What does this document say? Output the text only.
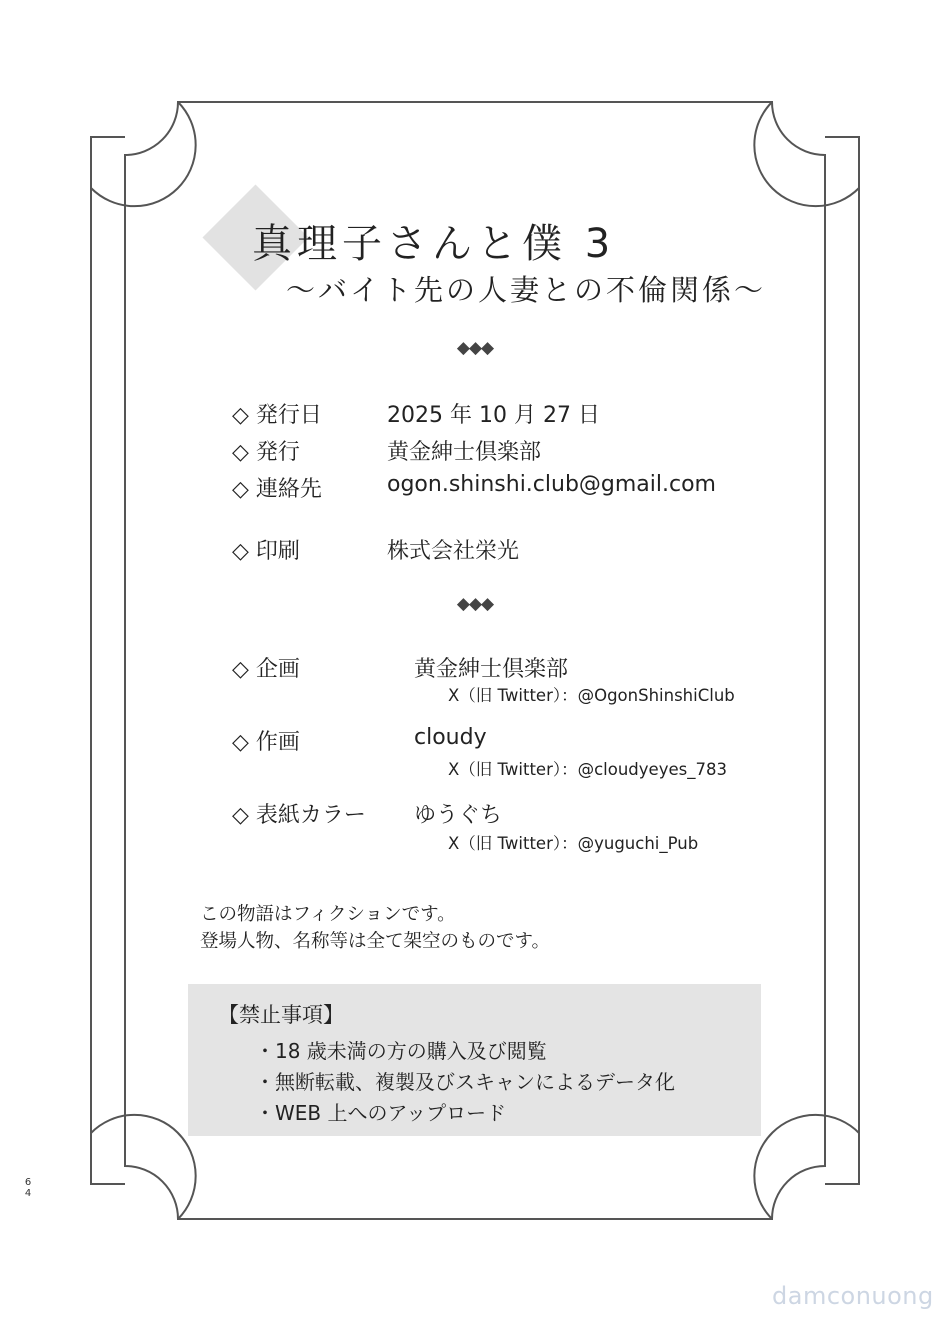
真理子さんと僕 3
～バイト先の人妻との不倫関係～
◆◆◆
◇ 発行日	2025 年 10 月 27 日
◇ 発行	黄金紳士倶楽部
◇ 連絡先	ogon.shinshi.club@gmail.com
◇ 印刷	株式会社栄光
◆◆◆
◇ 企画	黄金紳士倶楽部
X（旧 Twitter）：@OgonShinshiClub
◇ 作画	cloudy
X（旧 Twitter）：@cloudyeyes_783
◇ 表紙カラー ゆうぐち
X（旧 Twitter）：@yuguchi_Pub
この物語はフィクションです。
登場人物、名称等は全て架空のものです。
【禁止事項】
・18 歳未満の方の購入及び閲覧
・無断転載、複製及びスキャンによるデータ化
・WEB 上へのアップロード
6
4
damconuong
